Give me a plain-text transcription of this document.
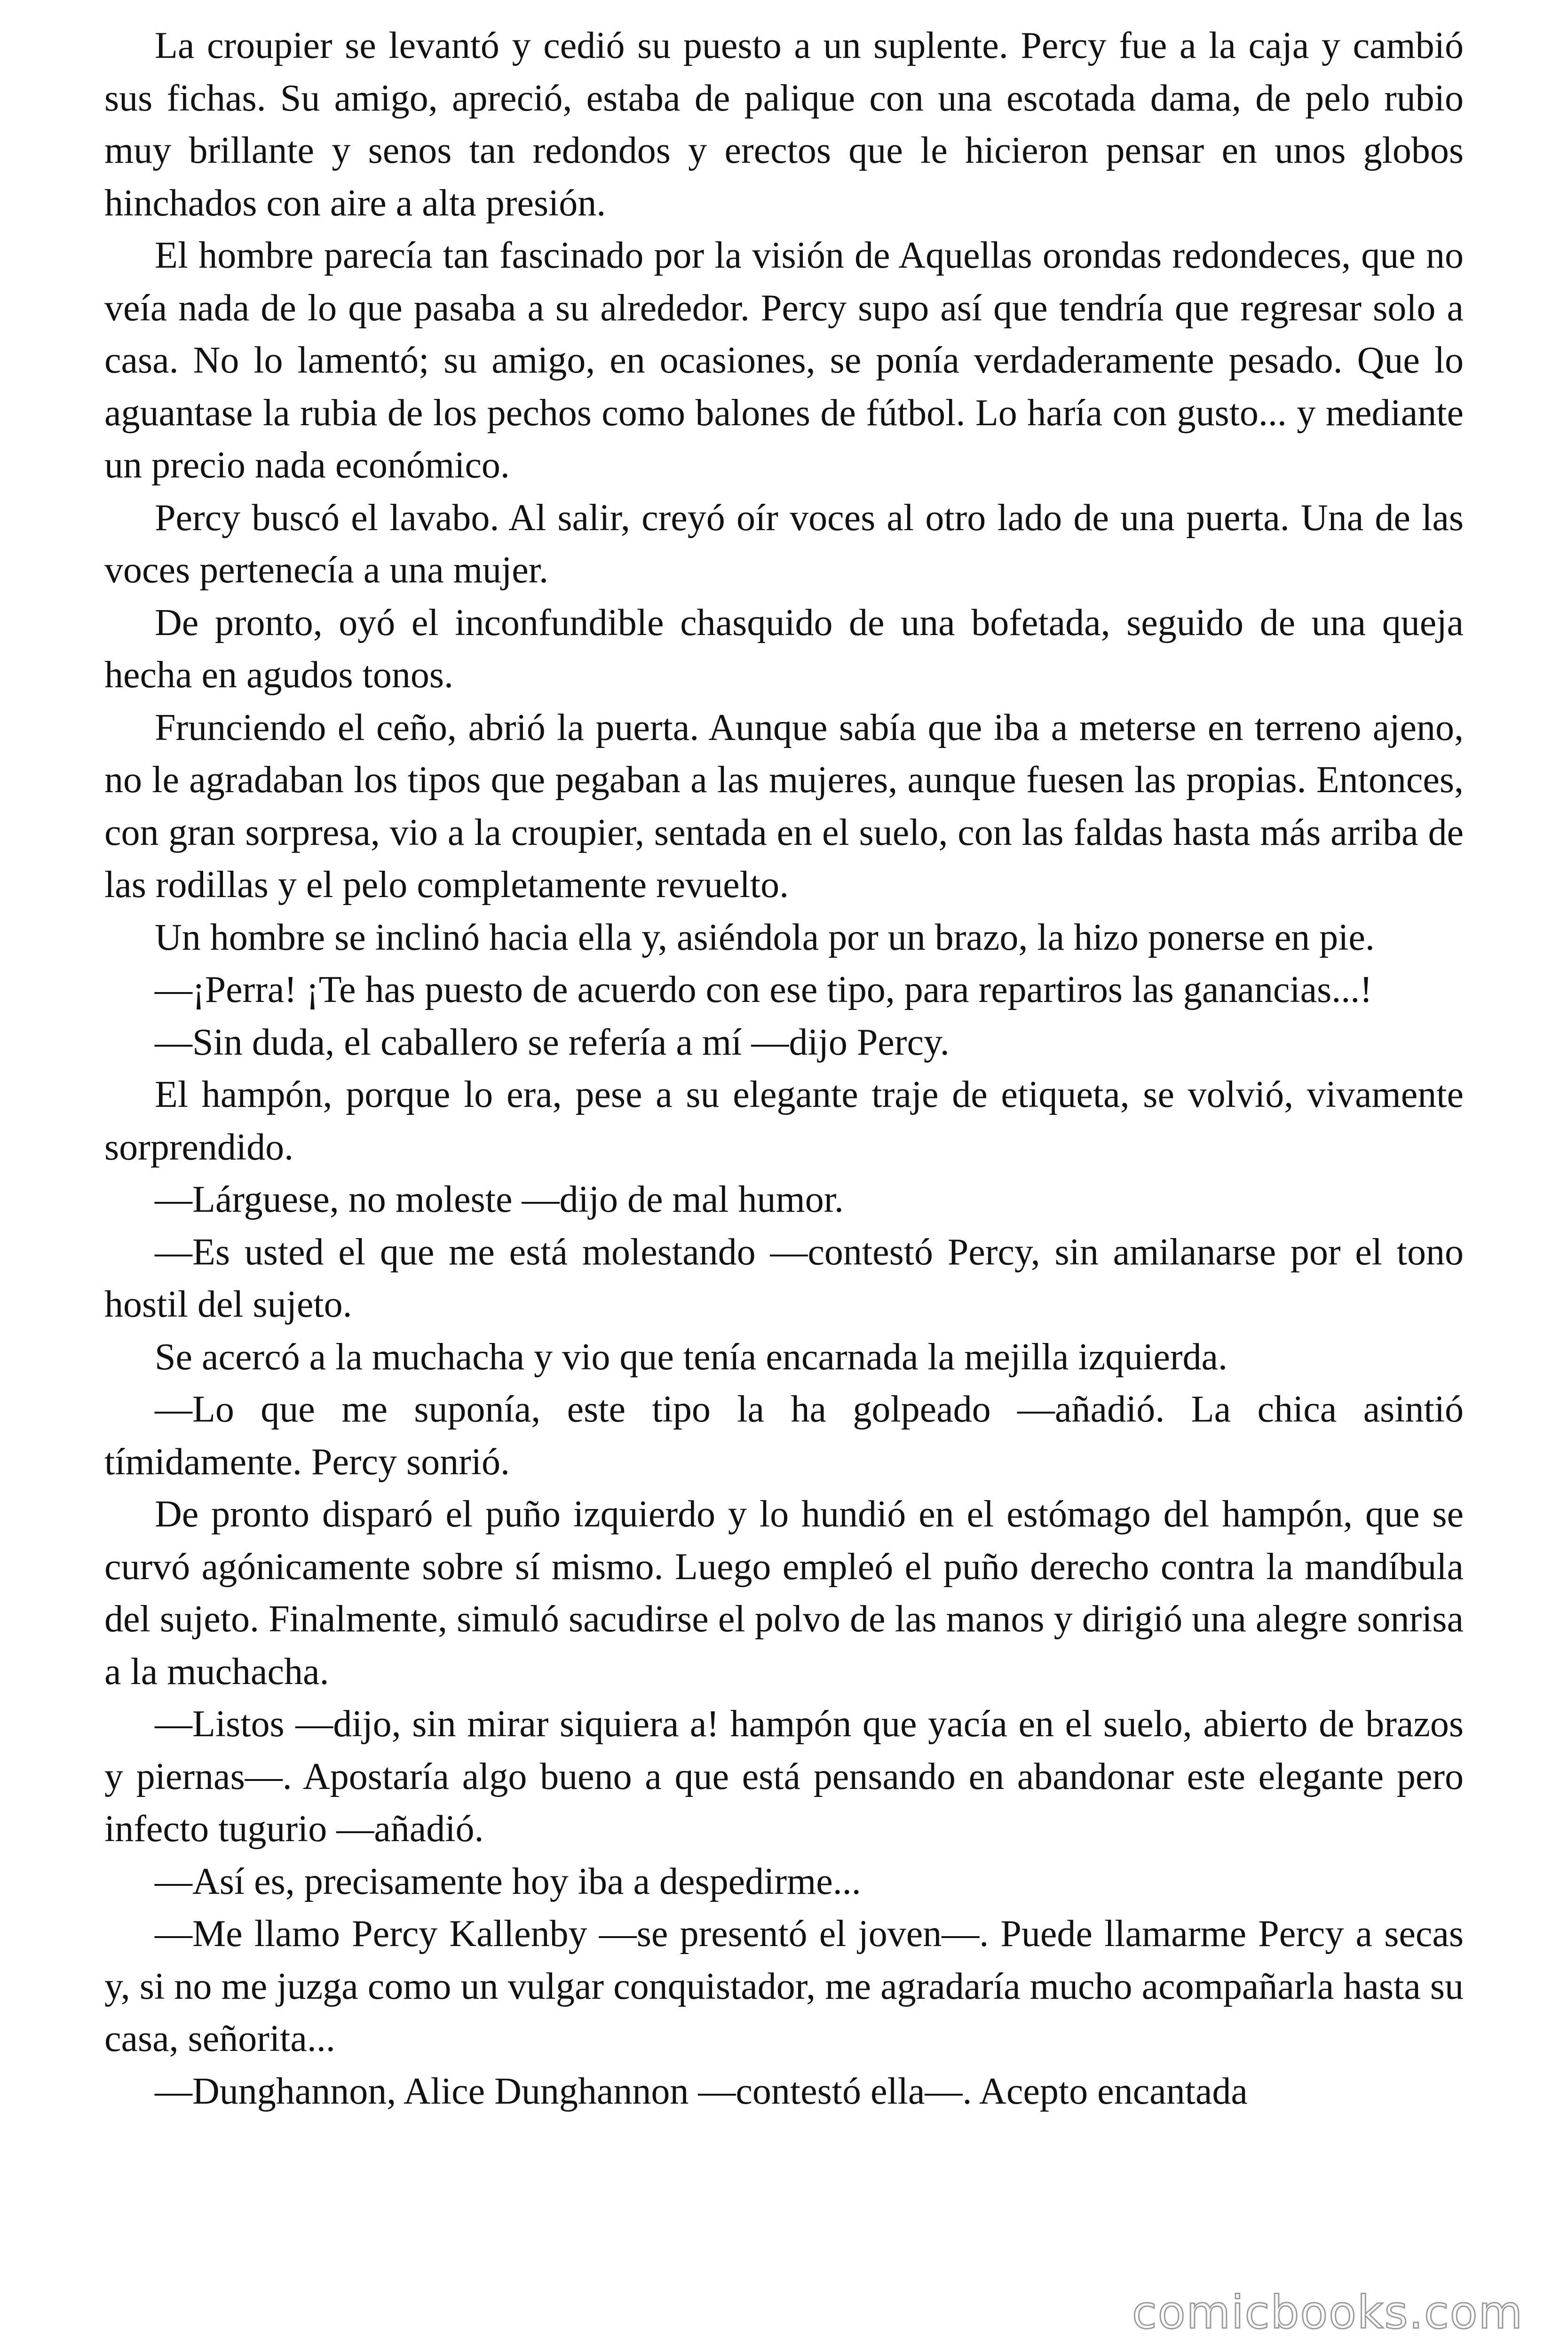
La croupier se levantó y cedió su puesto a un suplente. Percy fue a la caja y cambió sus fichas. Su amigo, apreció, estaba de palique con una escotada dama, de pelo rubio muy brillante y senos tan redondos y erectos que le hicieron pensar en unos globos hinchados con aire a alta presión.

El hombre parecía tan fascinado por la visión de Aquellas orondas redondeces, que no veía nada de lo que pasaba a su alrededor. Percy supo así que tendría que regresar solo a casa. No lo lamentó; su amigo, en ocasiones, se ponía verdaderamente pesado. Que lo aguantase la rubia de los pechos como balones de fútbol. Lo haría con gusto... y mediante un precio nada económico.

Percy buscó el lavabo. Al salir, creyó oír voces al otro lado de una puerta. Una de las voces pertenecía a una mujer.

De pronto, oyó el inconfundible chasquido de una bofetada, seguido de una queja hecha en agudos tonos.

Frunciendo el ceño, abrió la puerta. Aunque sabía que iba a meterse en terreno ajeno, no le agradaban los tipos que pegaban a las mujeres, aunque fuesen las propias. Entonces, con gran sorpresa, vio a la croupier, sentada en el suelo, con las faldas hasta más arriba de las rodillas y el pelo completamente revuelto.

Un hombre se inclinó hacia ella y, asiéndola por un brazo, la hizo ponerse en pie.

—¡Perra! ¡Te has puesto de acuerdo con ese tipo, para repartiros las ganancias...!

—Sin duda, el caballero se refería a mí —dijo Percy.

El hampón, porque lo era, pese a su elegante traje de etiqueta, se volvió, vivamente sorprendido.

—Lárguese, no moleste —dijo de mal humor.

—Es usted el que me está molestando —contestó Percy, sin amilanarse por el tono hostil del sujeto.

Se acercó a la muchacha y vio que tenía encarnada la mejilla izquierda.

—Lo que me suponía, este tipo la ha golpeado —añadió. La chica asintió tímidamente. Percy sonrió.

De pronto disparó el puño izquierdo y lo hundió en el estómago del hampón, que se curvó agónicamente sobre sí mismo. Luego empleó el puño derecho contra la mandíbula del sujeto. Finalmente, simuló sacudirse el polvo de las manos y dirigió una alegre sonrisa a la muchacha.

—Listos —dijo, sin mirar siquiera a! hampón que yacía en el suelo, abierto de brazos y piernas—. Apostaría algo bueno a que está pensando en abandonar este elegante pero infecto tugurio —añadió.

—Así es, precisamente hoy iba a despedirme...

—Me llamo Percy Kallenby —se presentó el joven—. Puede llamarme Percy a secas y, si no me juzga como un vulgar conquistador, me agradaría mucho acompañarla hasta su casa, señorita...

—Dunghannon, Alice Dunghannon —contestó ella—. Acepto encantada

comicbooks.com
